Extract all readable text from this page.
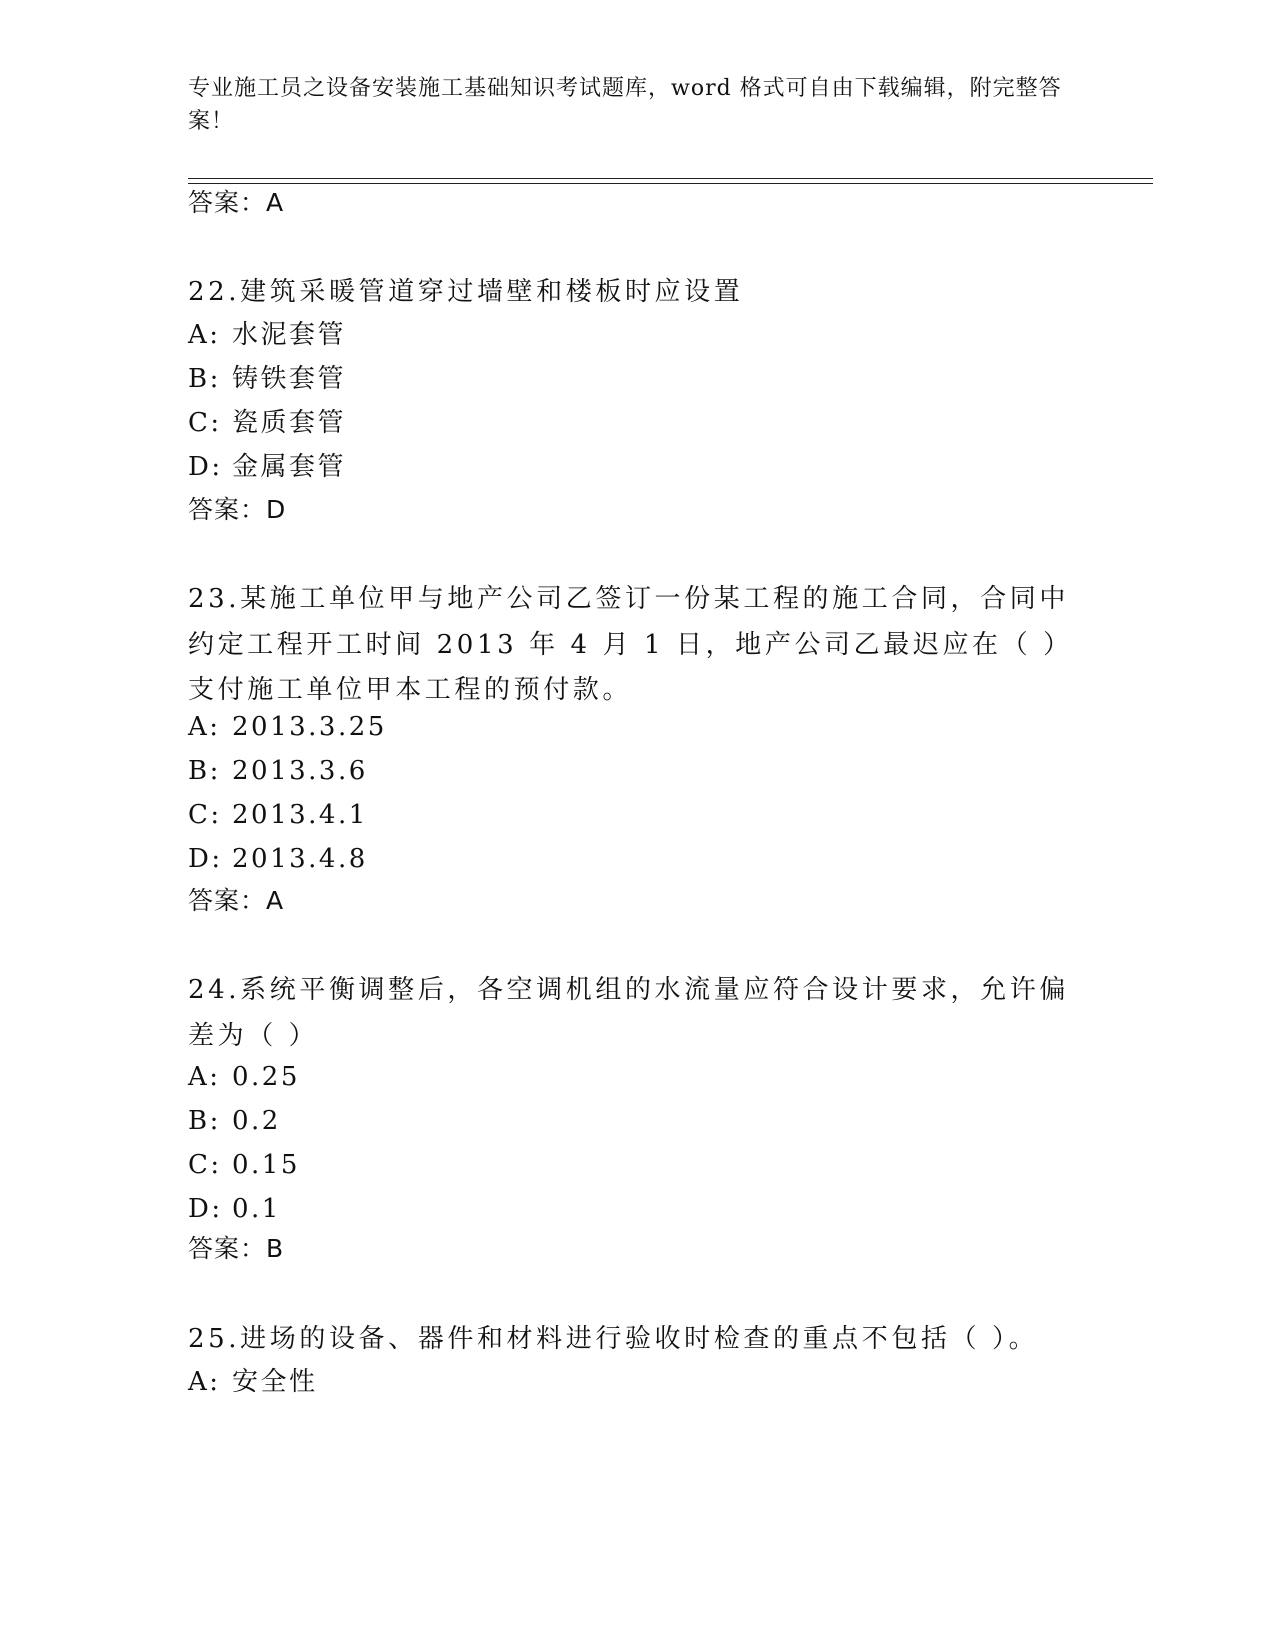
专业施工员之设备安装施工基础知识考试题库，word 格式可自由下载编辑，附完整答案！
答案：A
22.建筑采暖管道穿过墙壁和楼板时应设置
A: 水泥套管
B: 铸铁套管
C: 瓷质套管
D: 金属套管
答案：D
23.某施工单位甲与地产公司乙签订一份某工程的施工合同，合同中约定工程开工时间 2013 年 4 月 1 日，地产公司乙最迟应在（ ）支付施工单位甲本工程的预付款。
A: 2013.3.25
B: 2013.3.6
C: 2013.4.1
D: 2013.4.8
答案：A
24.系统平衡调整后，各空调机组的水流量应符合设计要求，允许偏差为（ ）
A: 0.25
B: 0.2
C: 0.15
D: 0.1
答案：B
25.进场的设备、器件和材料进行验收时检查的重点不包括（ ）。
A: 安全性
